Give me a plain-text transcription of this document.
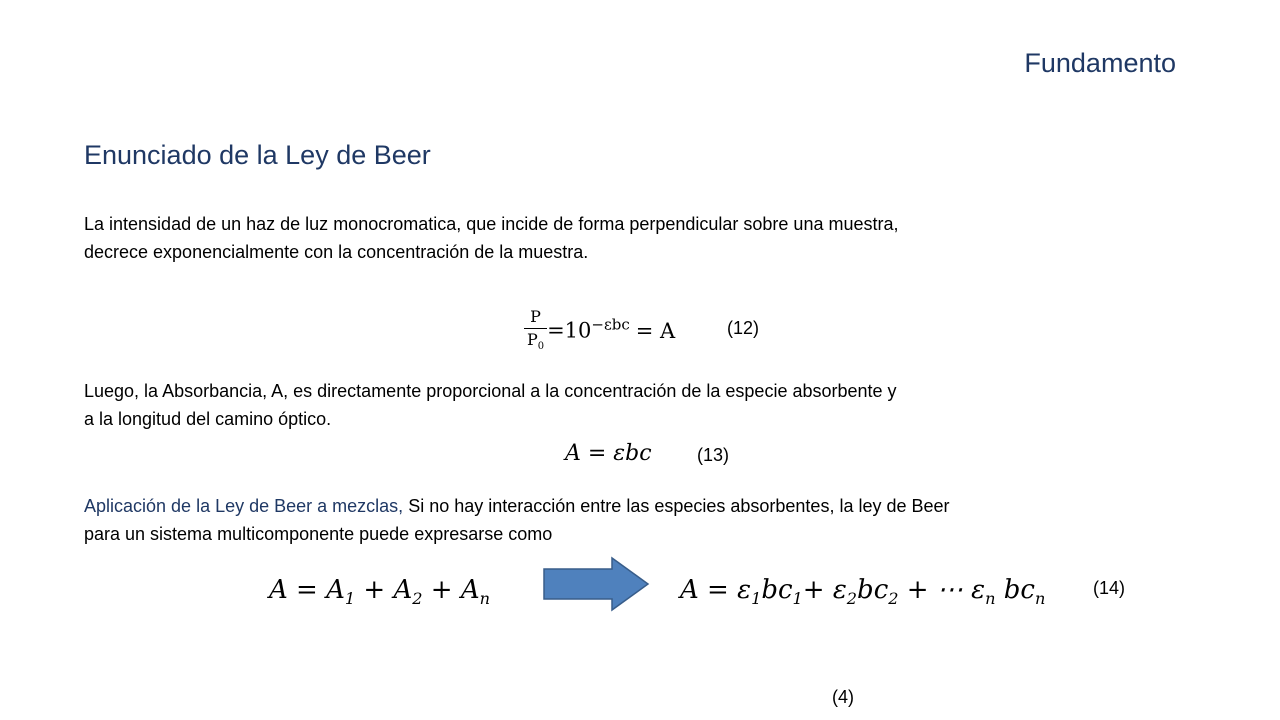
Fundamento
Enunciado de la Ley de Beer
La intensidad de un haz de luz monocromatica, que incide de forma perpendicular sobre una muestra,
decrece exponencialmente con la concentración de la muestra.
$\frac{P}{P_0} =10^{-\varepsilon bc} = A$	(12)
Luego, la Absorbancia, A, es directamente proporcional a la concentración de la especie absorbente y
a la longitud del camino óptico.
A = εbc	(13)
Aplicación de la Ley de Beer a mezclas, Si no hay interacción entre las especies absorbentes, la ley de Beer
para un sistema multicomponente puede expresarse como
$A = A_1 + A_2 + A_n$	$A = \varepsilon_1bc_1+ \varepsilon_2bc_2$ + ⋯ $\varepsilon_n$ $bc_n$
(14)
(4)
